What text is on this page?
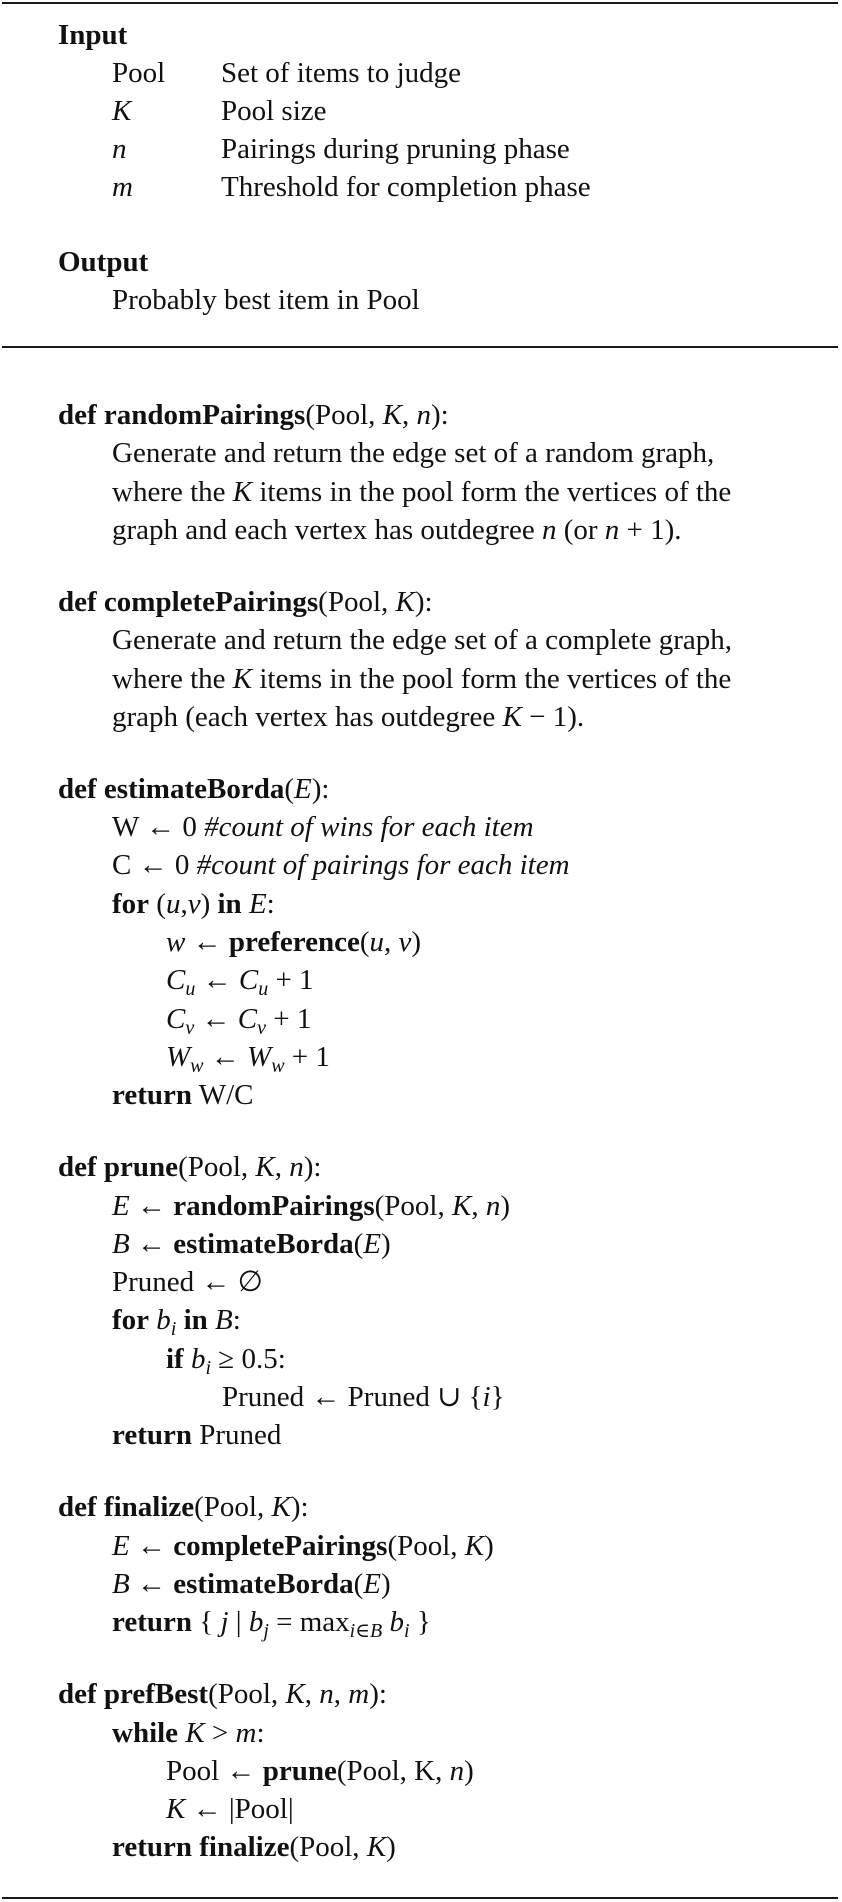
Input
Pool Set of items to judge
K	Pool size
n	Pairings during pruning phase
m	Threshold for completion phase
Output
Probably best item in Pool
def randomPairings(Pool, K, n):
Generate and return the edge set of a random graph,
where the K items in the pool form the vertices of the
graph and each vertex has outdegree n (or n + 1).
def completePairings(Pool, K):
Generate and return the edge set of a complete graph,
where the K items in the pool form the vertices of the
graph (each vertex has outdegree K − 1).
def estimateBorda(E):
W ← 0 #count of wins for each item
C ← 0 #count of pairings for each item
for (u,v) in E:
w ← preference(u, v)
$C_u$ ← $C_u + 1$
$C_v$ ← $C_v + 1$
$W_w$ ← $W_w + 1$
return W/C
def prune(Pool, K, n):
E ← randomPairings(Pool, K, n)
B ← estimateBorda(E)
Pruned ← ∅
for $b_i$ in B:
if $b_i \ge 0.5$:
Pruned ← Pruned ∪ {i}
return Pruned
def finalize(Pool, K):
E ← completePairings(Pool, K)
B ← estimateBorda(E)
return { j | $b_j = \max_{i\in B} b_i$ }
def prefBest(Pool, K, n, m):
while K > m:
Pool ← prune(Pool, K, n)
K ← |Pool|
return finalize(Pool, K)
